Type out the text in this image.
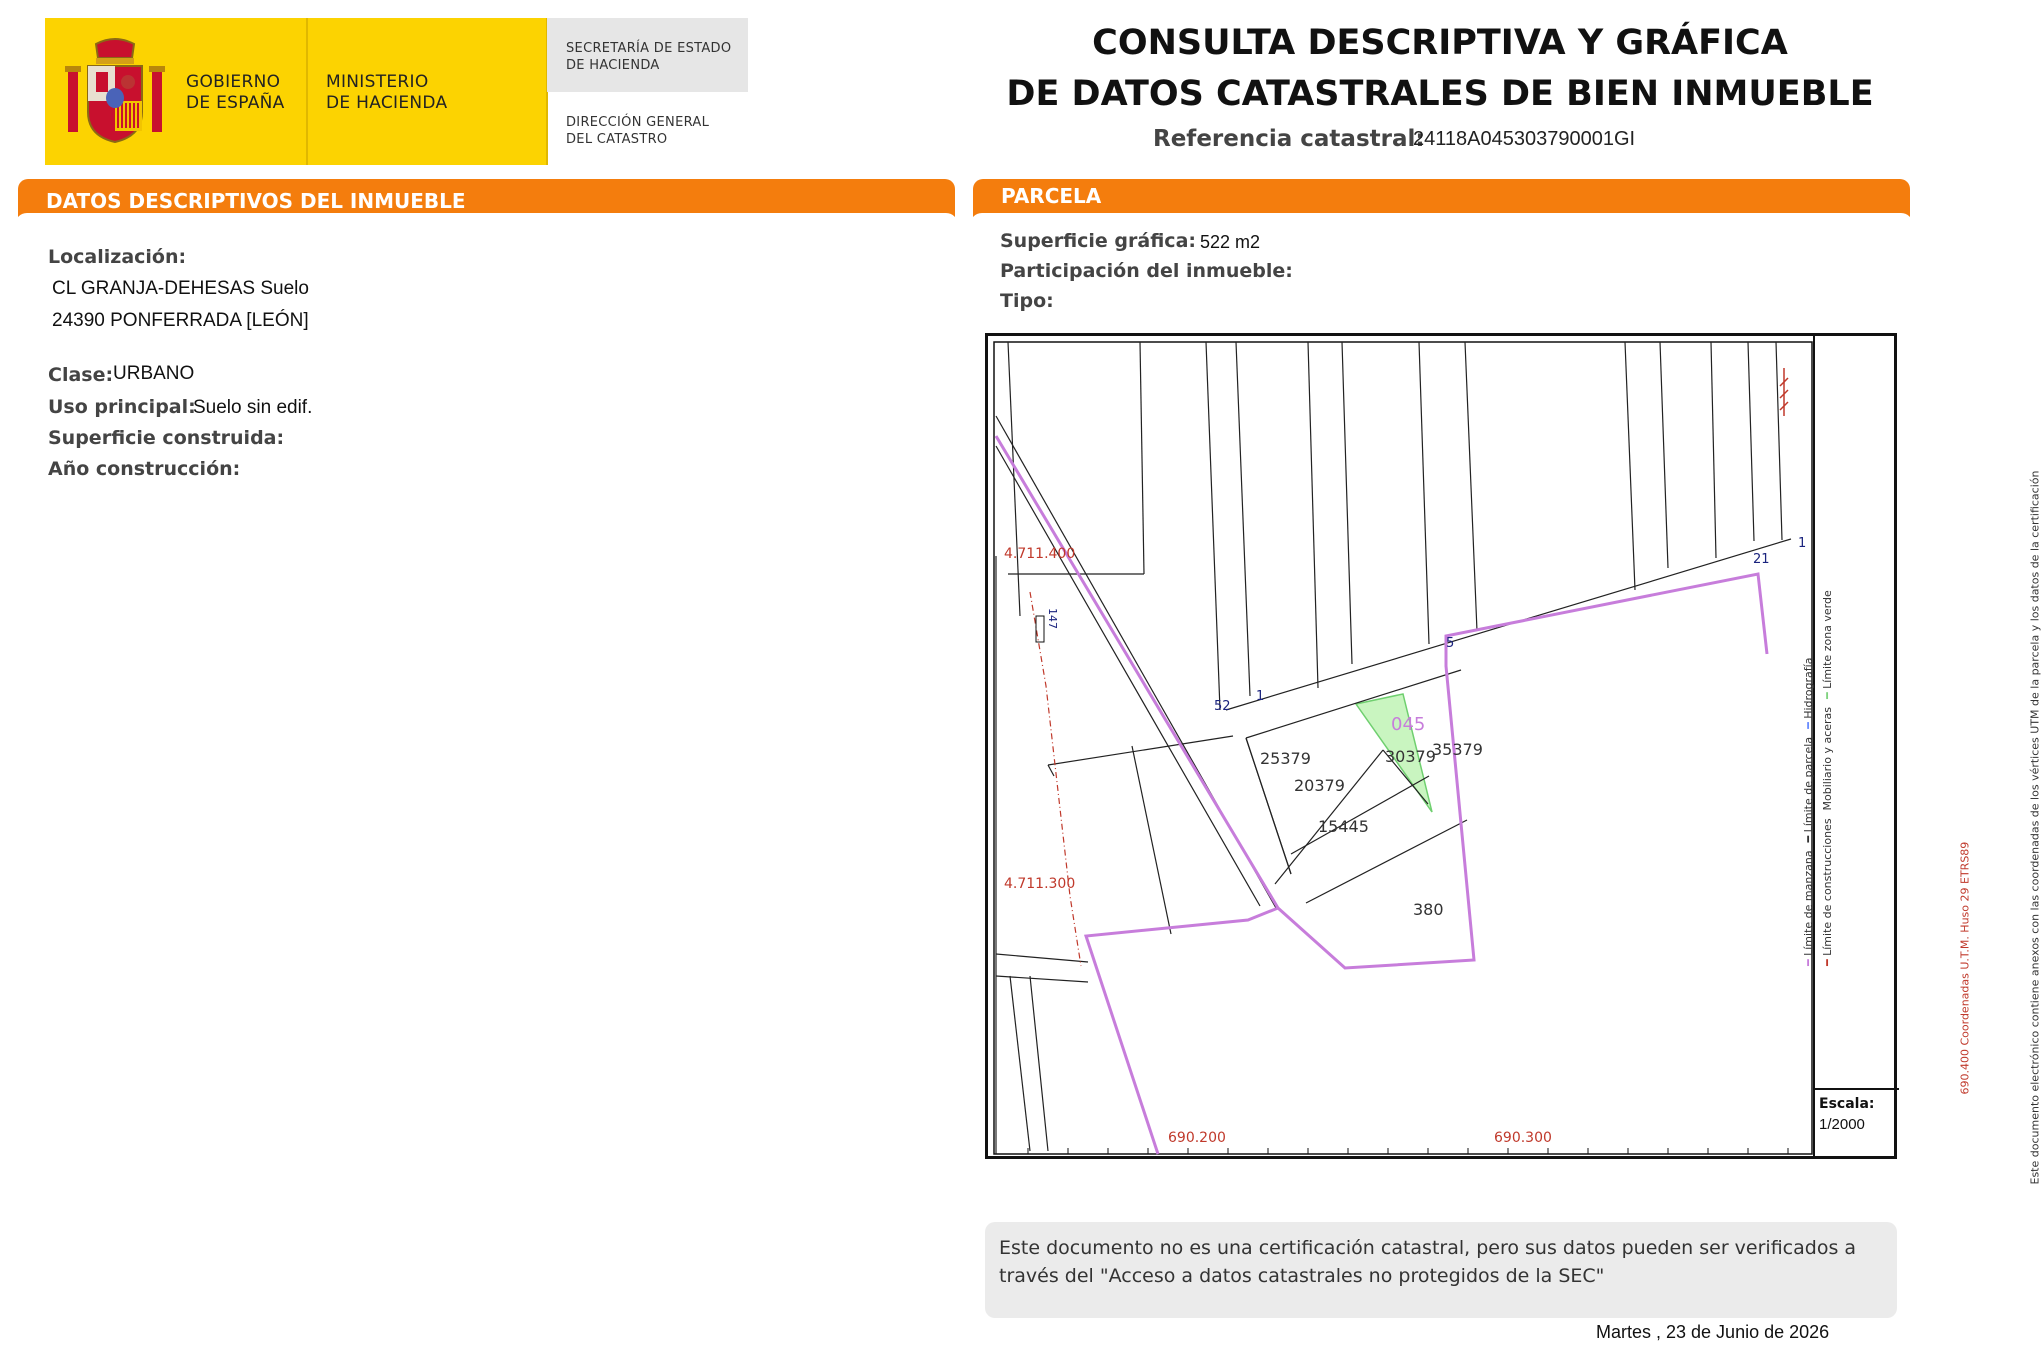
GOBIERNO
DE ESPAÑA
MINISTERIO
DE HACIENDA
SECRETARÍA DE ESTADO
DE HACIENDA
DIRECCIÓN GENERAL
DEL CATASTRO
CONSULTA DESCRIPTIVA Y GRÁFICA
DE DATOS CATASTRALES DE BIEN INMUEBLE
Referencia catastral:
24118A045303790001GI
DATOS DESCRIPTIVOS DEL INMUEBLE
Localización:
CL GRANJA-DEHESAS Suelo
24390 PONFERRADA [LEÓN]
Clase: URBANO
Uso principal:
Suelo sin edif.
Superficie construida:
Año construcción:
PARCELA
Superficie gráfica: 522 m2
Participación del inmueble:
Tipo:
4.711.400
4.711.300
690.200	690.300
045
25379	30379
35379
20379
15445
380
147
52
1
5
21
1
━ Límite de manzana
━ Límite de parcela
━ Hidrografía
━ Límite de construcciones
Mobiliario y aceras
━ Límite zona verde
690.400 Coordenadas U.T.M. Huso 29 ETRS89	Este documento electrónico contiene anexos con las coordenadas de los vértices UTM de la parcela y los datos de la certificación
Escala:
1/2000
Este documento no es una certificación catastral, pero sus datos pueden ser verificados a través del "Acceso a datos catastrales no protegidos de la SEC"
Martes , 23 de Junio de 2026
